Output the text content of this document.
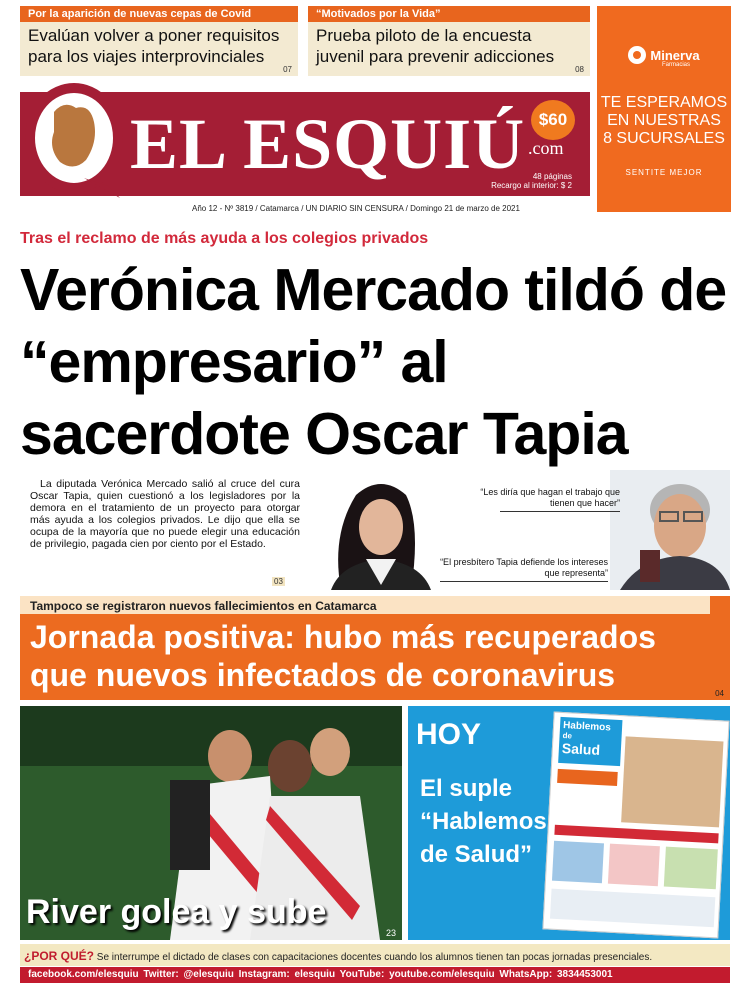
Por la aparición de nuevas cepas de Covid
Evalúan volver a poner requisitos para los viajes interprovinciales
07
“Motivados por la Vida”
Prueba piloto de la encuesta juvenil para prevenir adicciones
08
Minerva
Farmacias
TE ESPERAMOS
EN NUESTRAS
8 SUCURSALES
SENTITE MEJOR
EL ESQUIÚ $60
.com
48 páginas
Recargo al interior: $ 2
Año 12 - Nº 3819 / Catamarca / UN DIARIO SIN CENSURA / Domingo 21 de marzo de 2021
Tras el reclamo de más ayuda a los colegios privados
Verónica Mercado tildó de “empresario” al sacerdote Oscar Tapia
La diputada Verónica Mercado salió al cruce del cura Oscar Tapia, quien cuestionó a los legisladores por la demora en el tratamiento de un proyecto para otorgar más ayuda a los colegios privados. Le dijo que ella se ocupa de la mayoría que no puede elegir una educación de privilegio, pagada cien por ciento por el Estado.
03
“Les diría que hagan el trabajo que tienen que hacer”
“El presbítero Tapia defiende los intereses que representa”
Tampoco se registraron nuevos fallecimientos en Catamarca
Jornada positiva: hubo más recuperados que nuevos infectados de coronavirus
04
River golea y sube
23
HOY
El suple
“Hablemos
de Salud”
Hablemos
de
Salud
¿POR QUÉ? Se interrumpe el dictado de clases con capacitaciones docentes cuando los alumnos tienen tan pocas jornadas presenciales.
facebook.com/elesquiu Twitter: @elesquiu Instagram: elesquiu YouTube: youtube.com/elesquiu WhatsApp: 3834453001
